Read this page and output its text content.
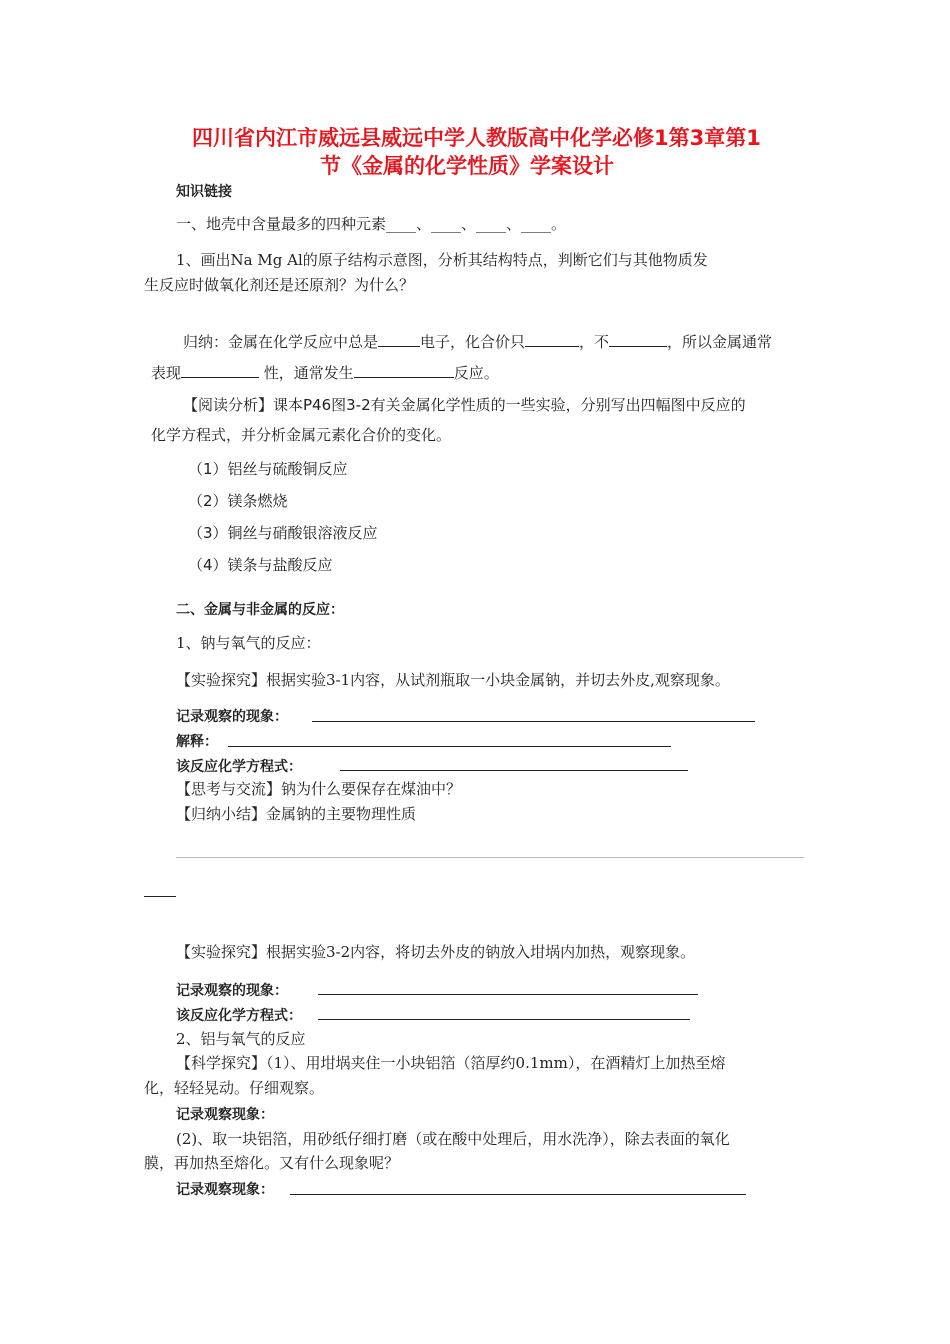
四川省内江市威远县威远中学人教版高中化学必修1第3章第1
节《金属的化学性质》学案设计
知识链接
一、地壳中含量最多的四种元素____、____、____、____。
1、画出Na Mg Al的原子结构示意图，分析其结构特点，判断它们与其他物质发
生反应时做氧化剂还是还原剂？为什么？
归纳：金属在化学反应中总是	电子，化合价只	，不	，所以金属通常
表现	性，通常发生	反应。
【阅读分析】课本P46图3-2有关金属化学性质的一些实验，分别写出四幅图中反应的
化学方程式，并分析金属元素化合价的变化。
（1）铝丝与硫酸铜反应
（2）镁条燃烧
（3）铜丝与硝酸银溶液反应
（4）镁条与盐酸反应
二、金属与非金属的反应：
1、钠与氧气的反应：
【实验探究】根据实验3-1内容，从试剂瓶取一小块金属钠，并切去外皮,观察现象。
记录观察的现象：
解释：
该反应化学方程式：
【思考与交流】钠为什么要保存在煤油中？
【归纳小结】金属钠的主要物理性质
【实验探究】根据实验3-2内容，将切去外皮的钠放入坩埚内加热，观察现象。
记录观察的现象：
该反应化学方程式：
2、铝与氧气的反应
【科学探究】（1）、用坩埚夹住一小块铝箔（箔厚约0.1mm），在酒精灯上加热至熔
化，轻轻晃动。仔细观察。
记录观察现象：
(2)、取一块铝箔，用砂纸仔细打磨（或在酸中处理后，用水洗净），除去表面的氧化
膜，再加热至熔化。又有什么现象呢？
记录观察现象：
